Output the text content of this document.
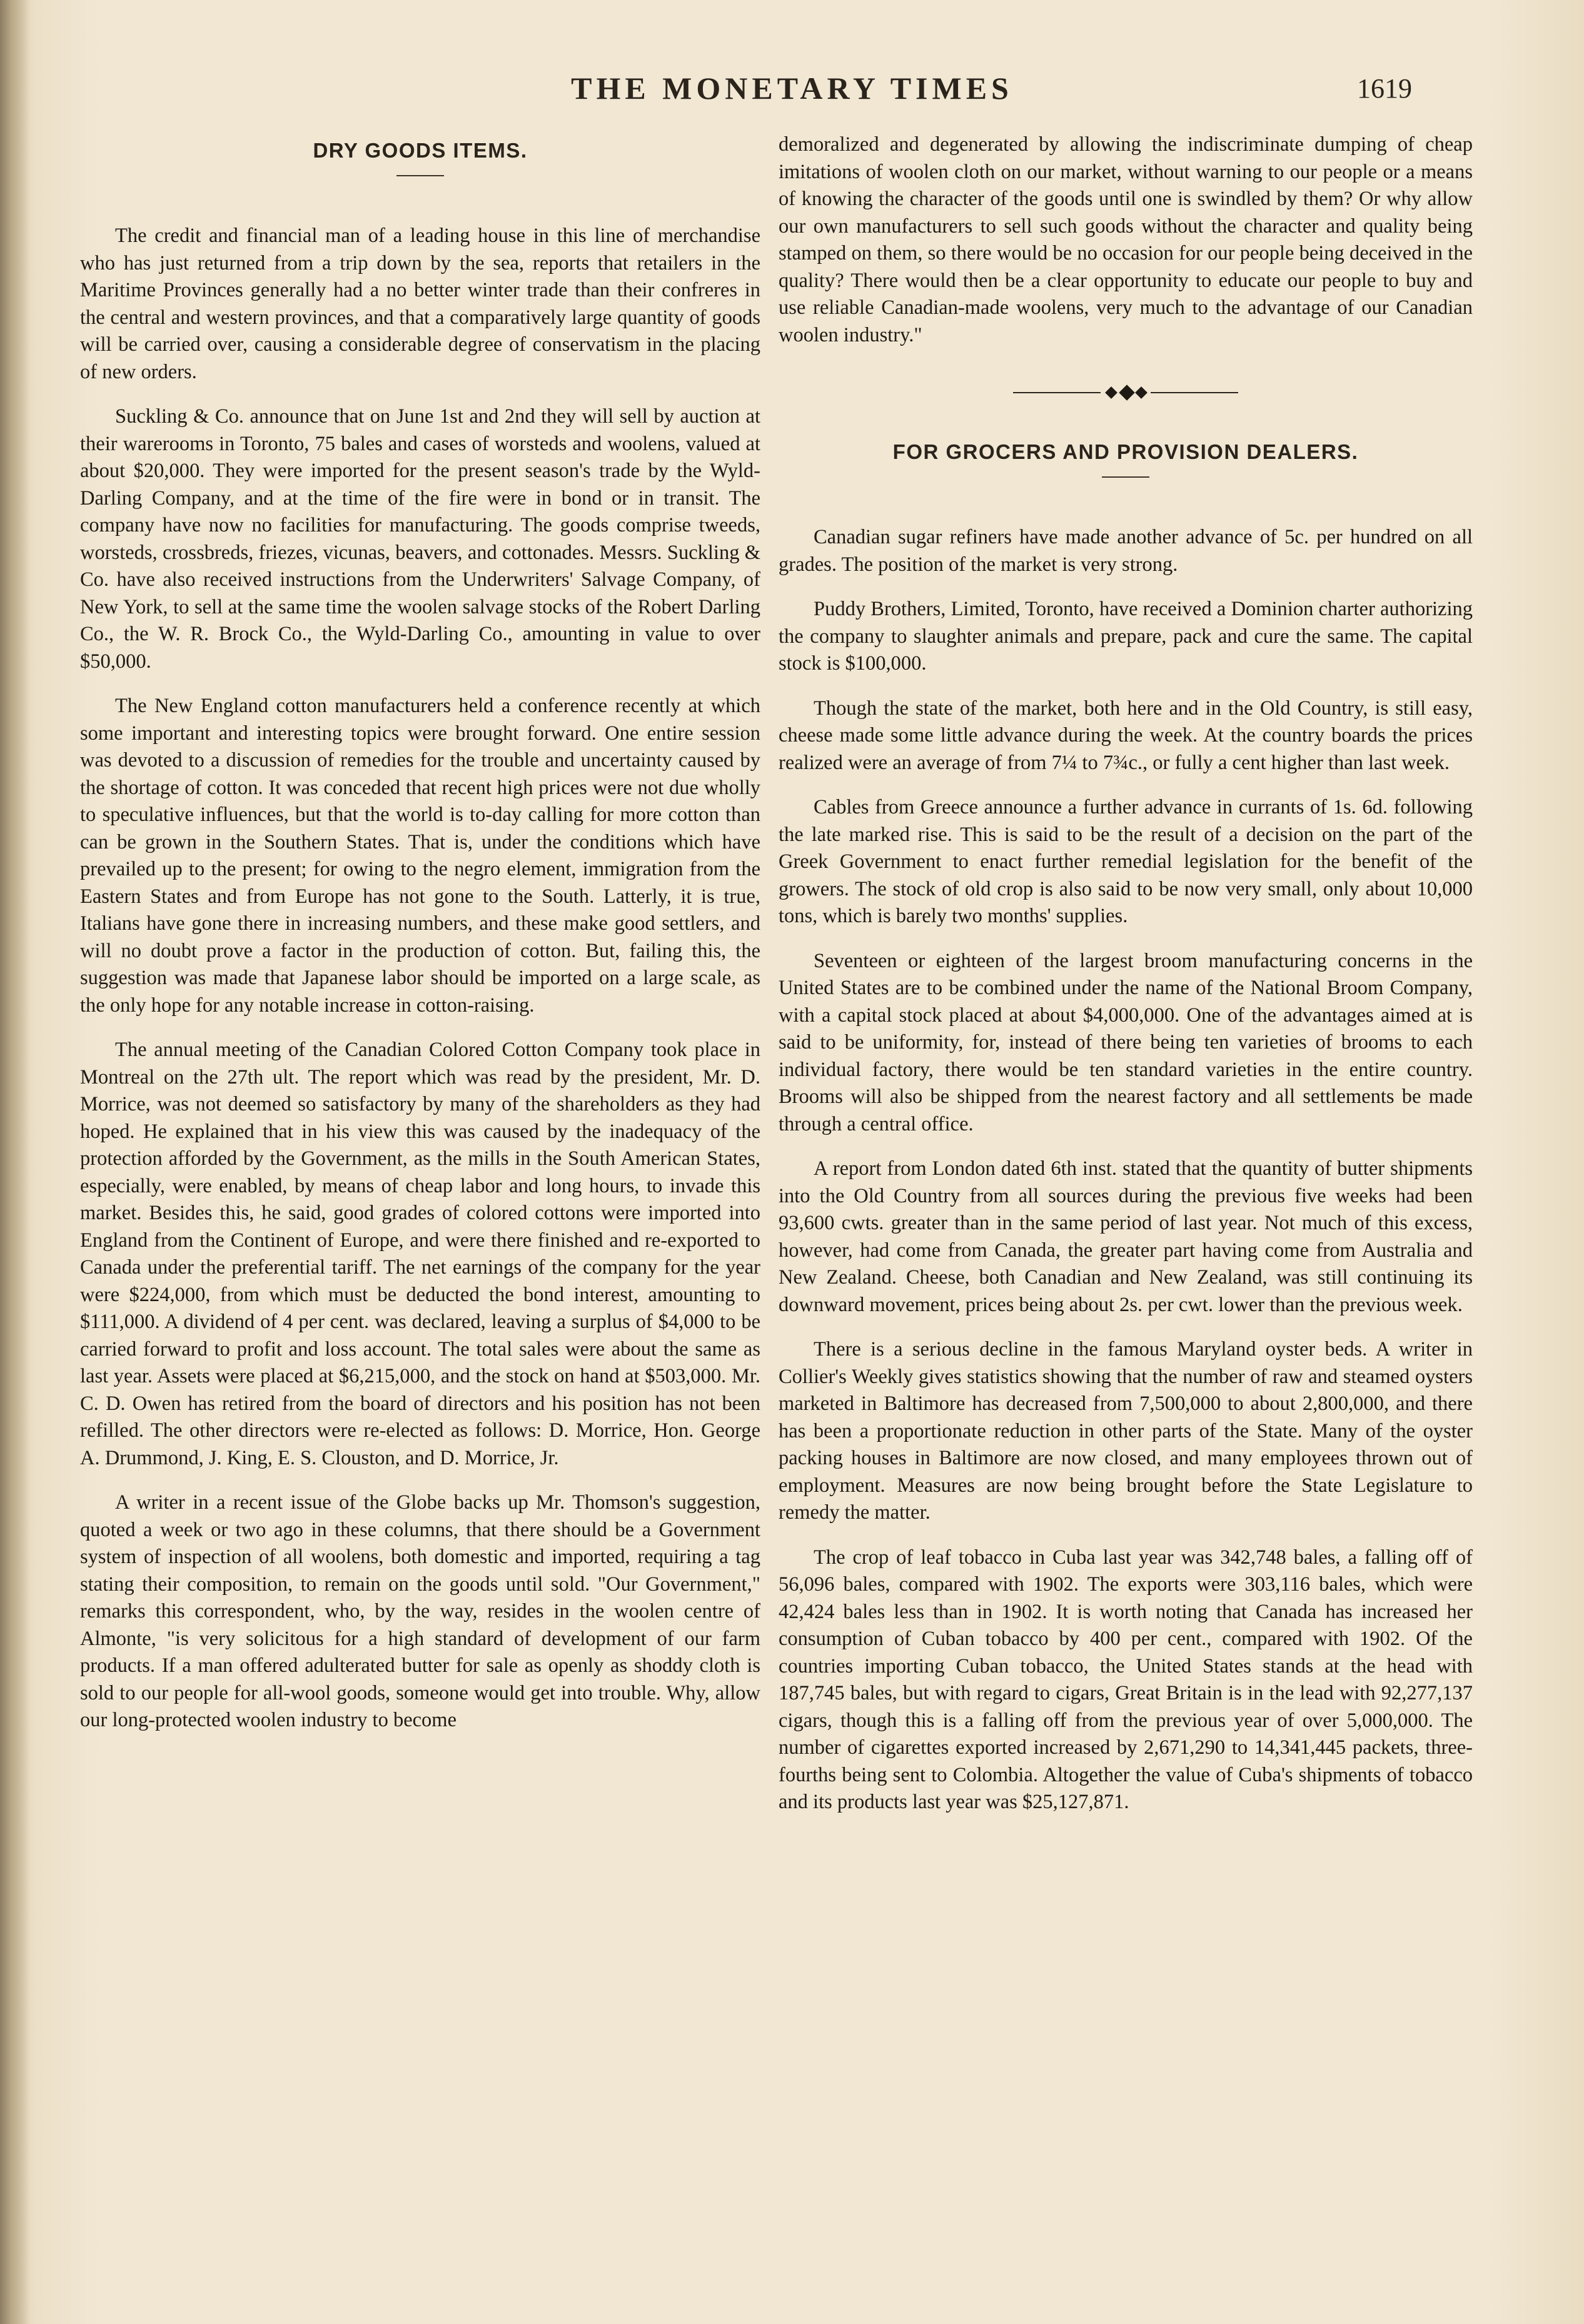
THE MONETARY TIMES	1619
DRY GOODS ITEMS.

The credit and financial man of a leading house in this line of merchandise who has just returned from a trip down by the sea, reports that retailers in the Maritime Provinces generally had a no better winter trade than their confreres in the central and western provinces, and that a comparatively large quantity of goods will be carried over, causing a considerable degree of conservatism in the placing of new orders.

Suckling & Co. announce that on June 1st and 2nd they will sell by auction at their warerooms in Toronto, 75 bales and cases of worsteds and woolens, valued at about $20,000. They were imported for the present season's trade by the Wyld-Darling Company, and at the time of the fire were in bond or in transit. The company have now no facilities for manufacturing. The goods comprise tweeds, worsteds, crossbreds, friezes, vicunas, beavers, and cottonades. Messrs. Suckling & Co. have also received instructions from the Underwriters' Salvage Company, of New York, to sell at the same time the woolen salvage stocks of the Robert Darling Co., the W. R. Brock Co., the Wyld-Darling Co., amounting in value to over $50,000.

The New England cotton manufacturers held a conference recently at which some important and interesting topics were brought forward. One entire session was devoted to a discussion of remedies for the trouble and uncertainty caused by the shortage of cotton. It was conceded that recent high prices were not due wholly to speculative influences, but that the world is to-day calling for more cotton than can be grown in the Southern States. That is, under the conditions which have prevailed up to the present; for owing to the negro element, immigration from the Eastern States and from Europe has not gone to the South. Latterly, it is true, Italians have gone there in increasing numbers, and these make good settlers, and will no doubt prove a factor in the production of cotton. But, failing this, the suggestion was made that Japanese labor should be imported on a large scale, as the only hope for any notable increase in cotton-raising.

The annual meeting of the Canadian Colored Cotton Company took place in Montreal on the 27th ult. The report which was read by the president, Mr. D. Morrice, was not deemed so satisfactory by many of the shareholders as they had hoped. He explained that in his view this was caused by the inadequacy of the protection afforded by the Government, as the mills in the South American States, especially, were enabled, by means of cheap labor and long hours, to invade this market. Besides this, he said, good grades of colored cottons were imported into England from the Continent of Europe, and were there finished and re-exported to Canada under the preferential tariff. The net earnings of the company for the year were $224,000, from which must be deducted the bond interest, amounting to $111,000. A dividend of 4 per cent. was declared, leaving a surplus of $4,000 to be carried forward to profit and loss account. The total sales were about the same as last year. Assets were placed at $6,215,000, and the stock on hand at $503,000. Mr. C. D. Owen has retired from the board of directors and his position has not been refilled. The other directors were re-elected as follows: D. Morrice, Hon. George A. Drummond, J. King, E. S. Clouston, and D. Morrice, Jr.

A writer in a recent issue of the Globe backs up Mr. Thomson's suggestion, quoted a week or two ago in these columns, that there should be a Government system of inspection of all woolens, both domestic and imported, requiring a tag stating their composition, to remain on the goods until sold. "Our Government," remarks this correspondent, who, by the way, resides in the woolen centre of Almonte, "is very solicitous for a high standard of development of our farm products. If a man offered adulterated butter for sale as openly as shoddy cloth is sold to our people for all-wool goods, someone would get into trouble. Why, allow our long-protected woolen industry to become

demoralized and degenerated by allowing the indiscriminate dumping of cheap imitations of woolen cloth on our market, without warning to our people or a means of knowing the character of the goods until one is swindled by them? Or why allow our own manufacturers to sell such goods without the character and quality being stamped on them, so there would be no occasion for our people being deceived in the quality? There would then be a clear opportunity to educate our people to buy and use reliable Canadian-made woolens, very much to the advantage of our Canadian woolen industry."

FOR GROCERS AND PROVISION DEALERS.

Canadian sugar refiners have made another advance of 5c. per hundred on all grades. The position of the market is very strong.

Puddy Brothers, Limited, Toronto, have received a Dominion charter authorizing the company to slaughter animals and prepare, pack and cure the same. The capital stock is $100,000.

Though the state of the market, both here and in the Old Country, is still easy, cheese made some little advance during the week. At the country boards the prices realized were an average of from 7¼ to 7¾c., or fully a cent higher than last week.

Cables from Greece announce a further advance in currants of 1s. 6d. following the late marked rise. This is said to be the result of a decision on the part of the Greek Government to enact further remedial legislation for the benefit of the growers. The stock of old crop is also said to be now very small, only about 10,000 tons, which is barely two months' supplies.

Seventeen or eighteen of the largest broom manufacturing concerns in the United States are to be combined under the name of the National Broom Company, with a capital stock placed at about $4,000,000. One of the advantages aimed at is said to be uniformity, for, instead of there being ten varieties of brooms to each individual factory, there would be ten standard varieties in the entire country. Brooms will also be shipped from the nearest factory and all settlements be made through a central office.

A report from London dated 6th inst. stated that the quantity of butter shipments into the Old Country from all sources during the previous five weeks had been 93,600 cwts. greater than in the same period of last year. Not much of this excess, however, had come from Canada, the greater part having come from Australia and New Zealand. Cheese, both Canadian and New Zealand, was still continuing its downward movement, prices being about 2s. per cwt. lower than the previous week.

There is a serious decline in the famous Maryland oyster beds. A writer in Collier's Weekly gives statistics showing that the number of raw and steamed oysters marketed in Baltimore has decreased from 7,500,000 to about 2,800,000, and there has been a proportionate reduction in other parts of the State. Many of the oyster packing houses in Baltimore are now closed, and many employees thrown out of employment. Measures are now being brought before the State Legislature to remedy the matter.

The crop of leaf tobacco in Cuba last year was 342,748 bales, a falling off of 56,096 bales, compared with 1902. The exports were 303,116 bales, which were 42,424 bales less than in 1902. It is worth noting that Canada has increased her consumption of Cuban tobacco by 400 per cent., compared with 1902. Of the countries importing Cuban tobacco, the United States stands at the head with 187,745 bales, but with regard to cigars, Great Britain is in the lead with 92,277,137 cigars, though this is a falling off from the previous year of over 5,000,000. The number of cigarettes exported increased by 2,671,290 to 14,341,445 packets, three-fourths being sent to Colombia. Altogether the value of Cuba's shipments of tobacco and its products last year was $25,127,871.
